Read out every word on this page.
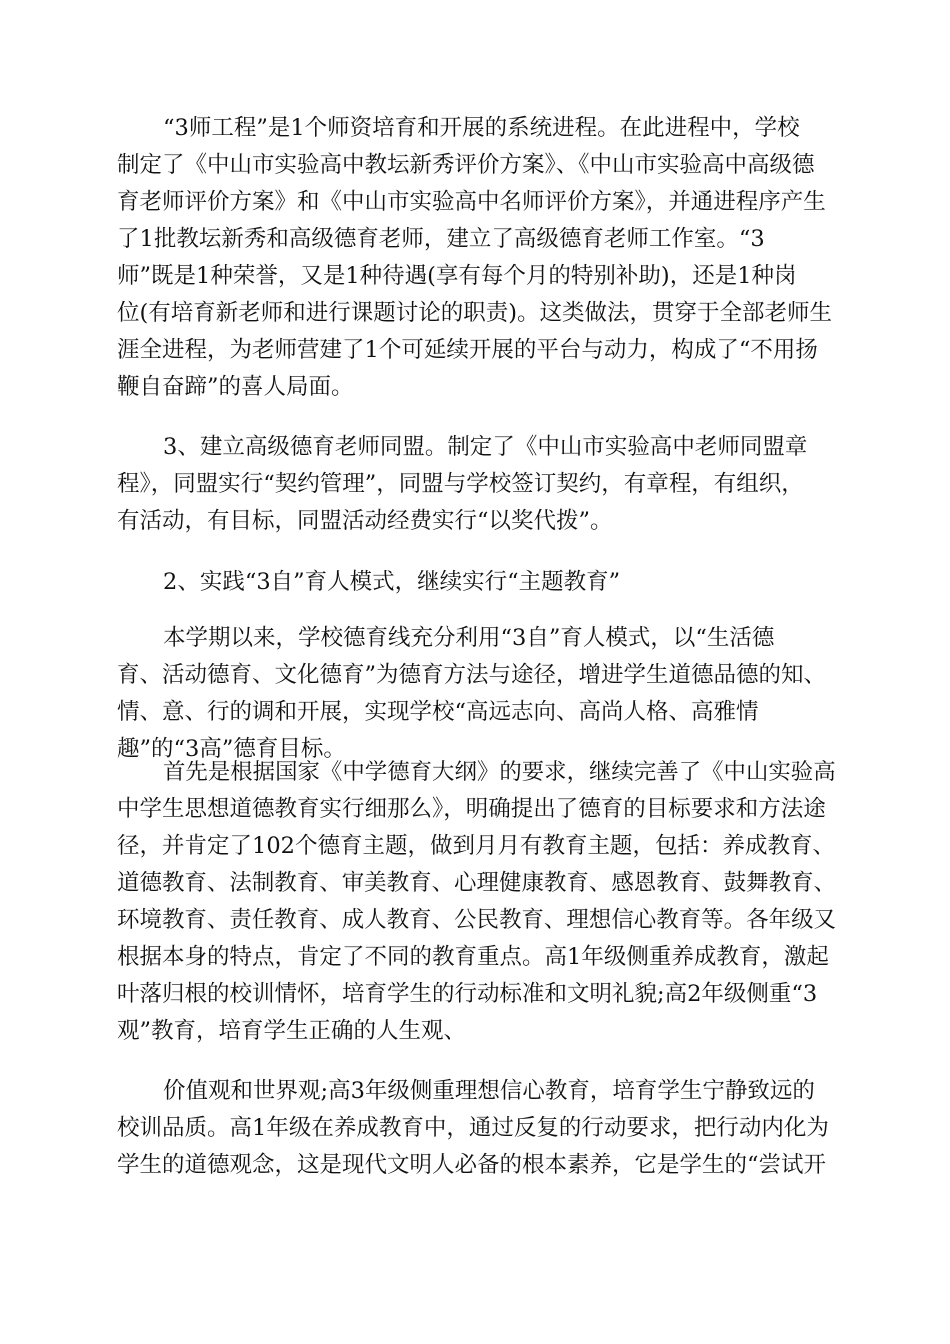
“3师工程”是1个师资培育和开展的系统进程。在此进程中，学校
制定了《中山市实验高中教坛新秀评价方案》、《中山市实验高中高级德
育老师评价方案》和《中山市实验高中名师评价方案》，并通进程序产生
了1批教坛新秀和高级德育老师，建立了高级德育老师工作室。“3
师”既是1种荣誉，又是1种待遇(享有每个月的特别补助)，还是1种岗
位(有培育新老师和进行课题讨论的职责)。这类做法，贯穿于全部老师生
涯全进程，为老师营建了1个可延续开展的平台与动力，构成了“不用扬
鞭自奋蹄”的喜人局面。
3、建立高级德育老师同盟。制定了《中山市实验高中老师同盟章
程》，同盟实行“契约管理”，同盟与学校签订契约，有章程，有组织，
有活动，有目标，同盟活动经费实行“以奖代拨”。
2、实践“3自”育人模式，继续实行“主题教育”
本学期以来，学校德育线充分利用“3自”育人模式，以“生活德
育、活动德育、文化德育”为德育方法与途径，增进学生道德品德的知、
情、意、行的调和开展，实现学校“高远志向、高尚人格、高雅情
趣”的“3高”德育目标。
首先是根据国家《中学德育大纲》的要求，继续完善了《中山实验高
中学生思想道德教育实行细那么》，明确提出了德育的目标要求和方法途
径，并肯定了102个德育主题，做到月月有教育主题，包括：养成教育、
道德教育、法制教育、审美教育、心理健康教育、感恩教育、鼓舞教育、
环境教育、责任教育、成人教育、公民教育、理想信心教育等。各年级又
根据本身的特点，肯定了不同的教育重点。高1年级侧重养成教育，激起
叶落归根的校训情怀，培育学生的行动标准和文明礼貌;高2年级侧重“3
观”教育，培育学生正确的人生观、
价值观和世界观;高3年级侧重理想信心教育，培育学生宁静致远的
校训品质。高1年级在养成教育中，通过反复的行动要求，把行动内化为
学生的道德观念，这是现代文明人必备的根本素养，它是学生的“尝试开
